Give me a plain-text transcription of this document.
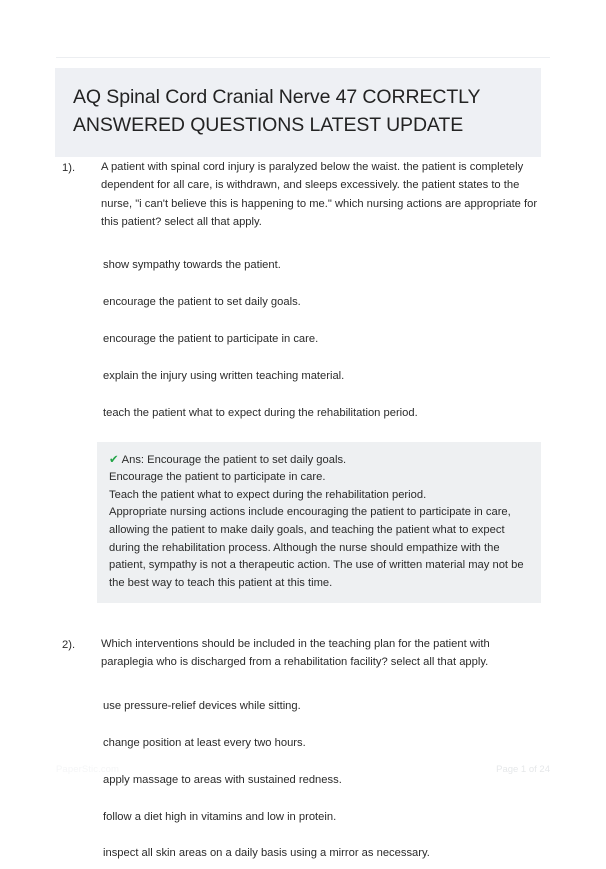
AQ Spinal Cord Cranial Nerve 47 CORRECTLY ANSWERED QUESTIONS LATEST UPDATE
1).	A patient with spinal cord injury is paralyzed below the waist. the patient is completely dependent for all care, is withdrawn, and sleeps excessively. the patient states to the nurse, "i can't believe this is happening to me." which nursing actions are appropriate for this patient? select all that apply.
show sympathy towards the patient.
encourage the patient to set daily goals.
encourage the patient to participate in care.
explain the injury using written teaching material.
teach the patient what to expect during the rehabilitation period.
✔ Ans: Encourage the patient to set daily goals.
Encourage the patient to participate in care.
Teach the patient what to expect during the rehabilitation period.
Appropriate nursing actions include encouraging the patient to participate in care, allowing the patient to make daily goals, and teaching the patient what to expect during the rehabilitation process. Although the nurse should empathize with the patient, sympathy is not a therapeutic action. The use of written material may not be the best way to teach this patient at this time.
2).	Which interventions should be included in the teaching plan for the patient with paraplegia who is discharged from a rehabilitation facility? select all that apply.
use pressure-relief devices while sitting.
change position at least every two hours.
apply massage to areas with sustained redness.
follow a diet high in vitamins and low in protein.
inspect all skin areas on a daily basis using a mirror as necessary.
PaperStic.com	Page 1 of 24
